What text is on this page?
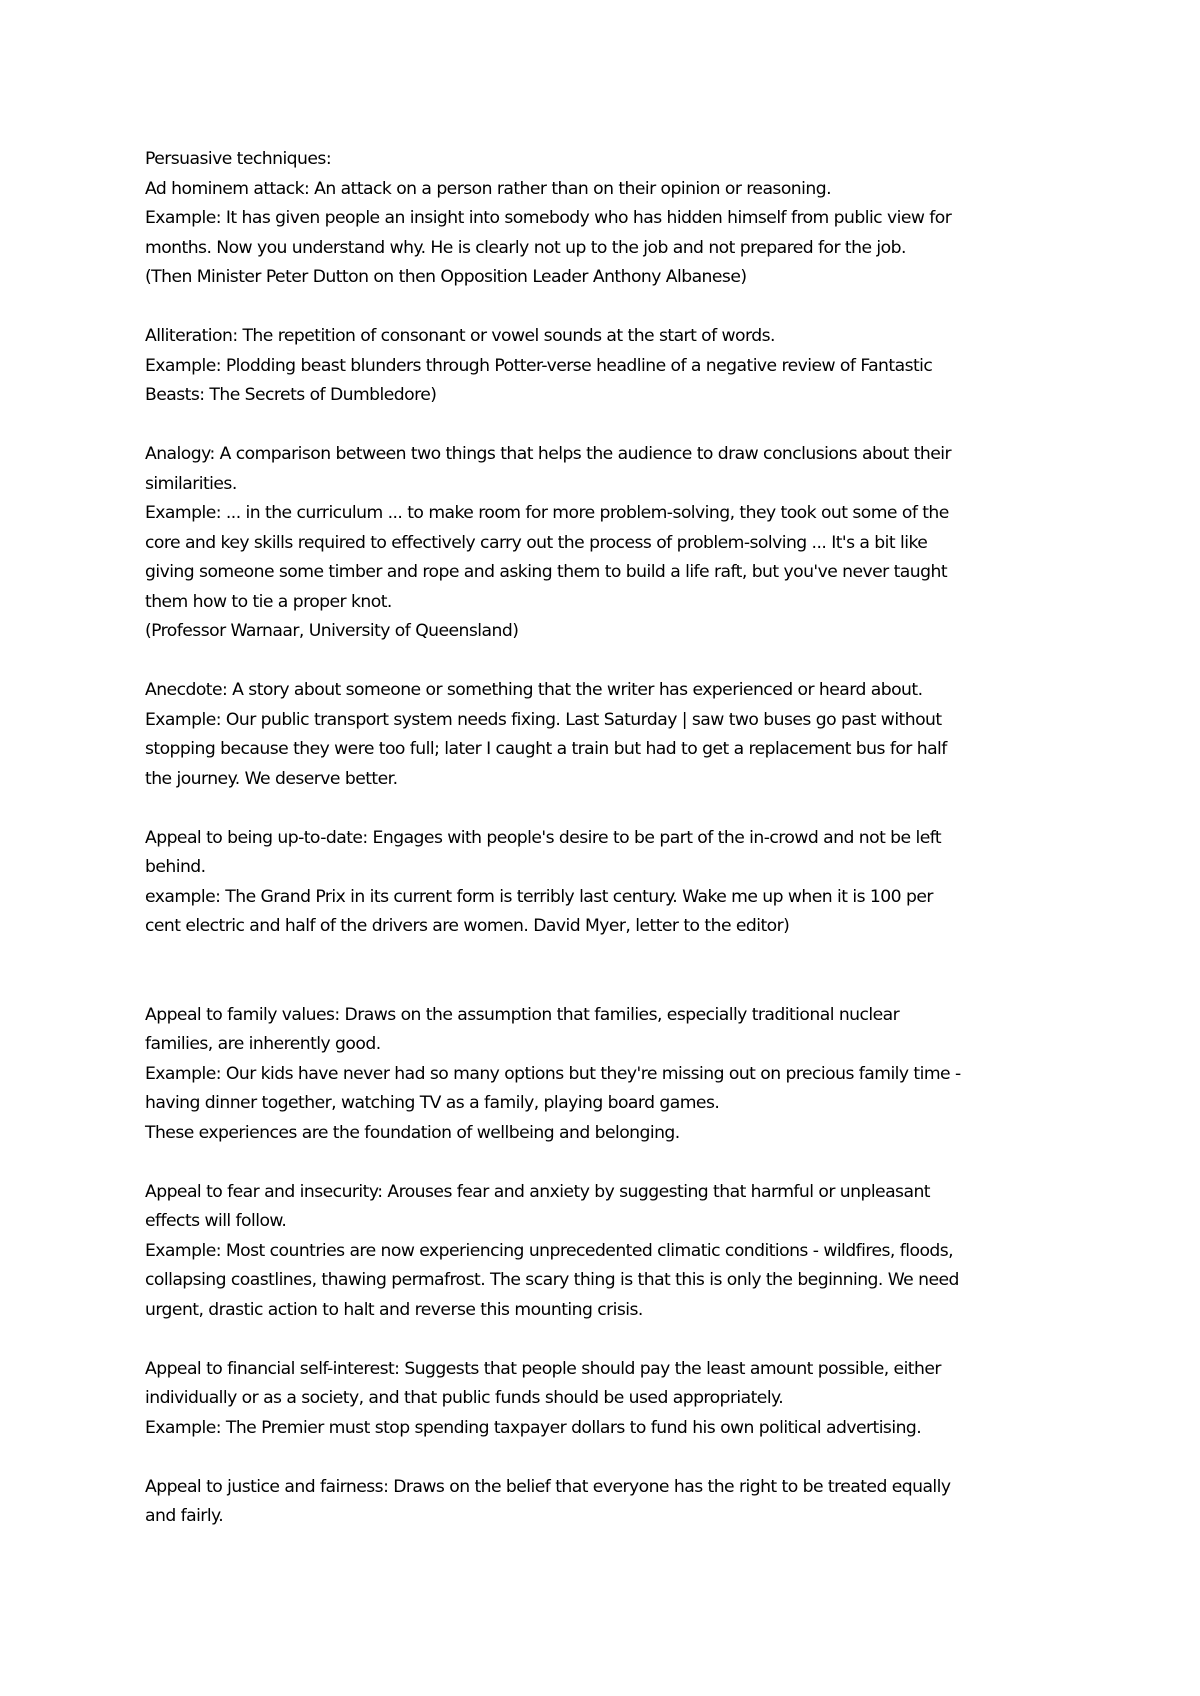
Persuasive techniques:

Ad hominem attack: An attack on a person rather than on their opinion or reasoning.

Example: It has given people an insight into somebody who has hidden himself from public view for

months. Now you understand why. He is clearly not up to the job and not prepared for the job.

(Then Minister Peter Dutton on then Opposition Leader Anthony Albanese)

Alliteration: The repetition of consonant or vowel sounds at the start of words.

Example: Plodding beast blunders through Potter-verse headline of a negative review of Fantastic

Beasts: The Secrets of Dumbledore)

Analogy: A comparison between two things that helps the audience to draw conclusions about their

similarities.

Example: ... in the curriculum ... to make room for more problem-solving, they took out some of the

core and key skills required to effectively carry out the process of problem-solving ... It's a bit like

giving someone some timber and rope and asking them to build a life raft, but you've never taught

them how to tie a proper knot.

(Professor Warnaar, University of Queensland)

Anecdote: A story about someone or something that the writer has experienced or heard about.

Example: Our public transport system needs fixing. Last Saturday | saw two buses go past without

stopping because they were too full; later I caught a train but had to get a replacement bus for half

the journey. We deserve better.

Appeal to being up-to-date: Engages with people's desire to be part of the in-crowd and not be left

behind.

example: The Grand Prix in its current form is terribly last century. Wake me up when it is 100 per

cent electric and half of the drivers are women. David Myer, letter to the editor)

Appeal to family values: Draws on the assumption that families, especially traditional nuclear

families, are inherently good.

Example: Our kids have never had so many options but they're missing out on precious family time -

having dinner together, watching TV as a family, playing board games.

These experiences are the foundation of wellbeing and belonging.

Appeal to fear and insecurity: Arouses fear and anxiety by suggesting that harmful or unpleasant

effects will follow.

Example: Most countries are now experiencing unprecedented climatic conditions - wildfires, floods,

collapsing coastlines, thawing permafrost. The scary thing is that this is only the beginning. We need

urgent, drastic action to halt and reverse this mounting crisis.

Appeal to financial self-interest: Suggests that people should pay the least amount possible, either

individually or as a society, and that public funds should be used appropriately.

Example: The Premier must stop spending taxpayer dollars to fund his own political advertising.

Appeal to justice and fairness: Draws on the belief that everyone has the right to be treated equally

and fairly.
